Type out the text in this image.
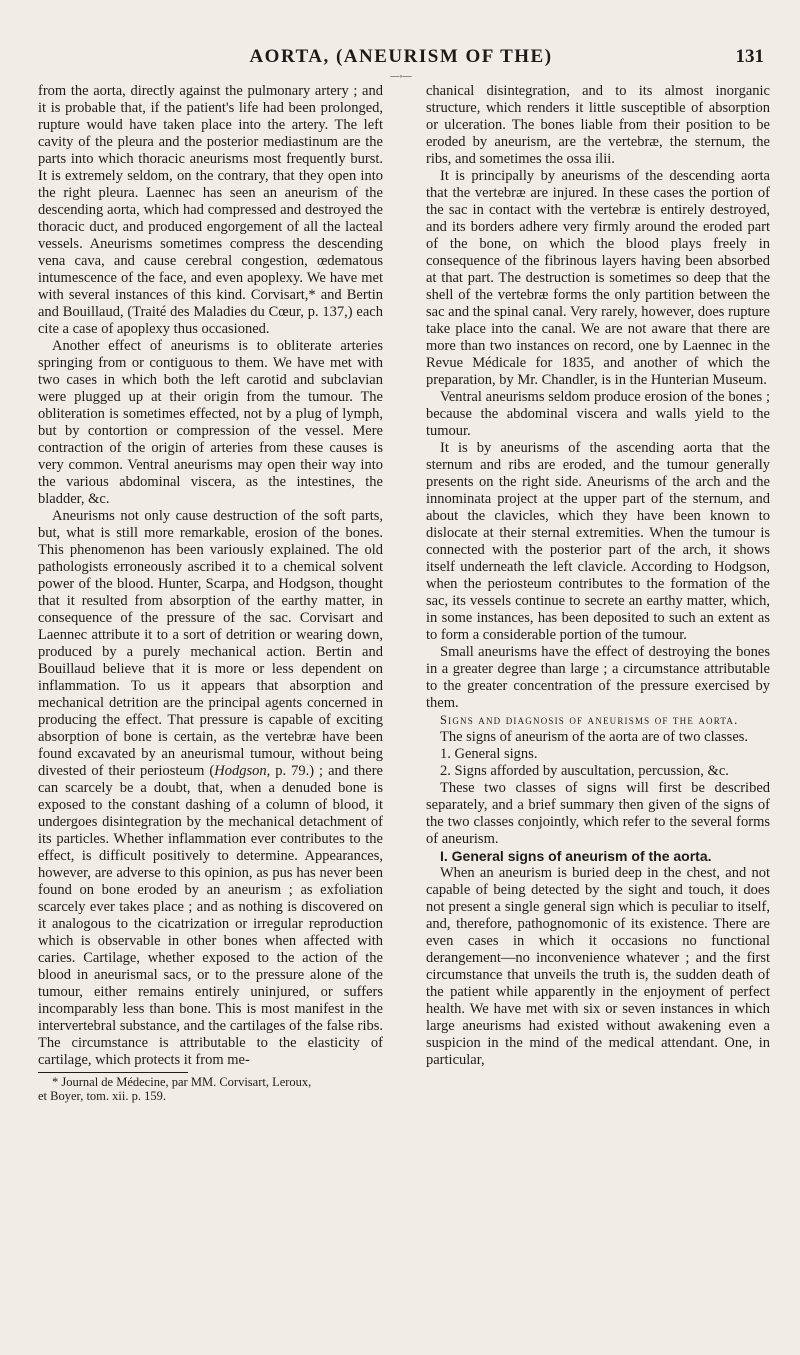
AORTA, (ANEURISM OF THE)	131
—◦—

from the aorta, directly against the pulmonary artery ; and it is probable that, if the patient's life had been prolonged, rupture would have taken place into the artery. The left cavity of the pleura and the posterior mediastinum are the parts into which thoracic aneurisms most frequently burst. It is extremely seldom, on the contrary, that they open into the right pleura. Laennec has seen an aneurism of the descending aorta, which had compressed and destroyed the thoracic duct, and produced engorgement of all the lacteal vessels. Aneurisms sometimes compress the descending vena cava, and cause cerebral congestion, œdematous intumescence of the face, and even apoplexy. We have met with several instances of this kind. Corvisart,* and Bertin and Bouillaud, (Traité des Maladies du Cœur, p. 137,) each cite a case of apoplexy thus occasioned.

Another effect of aneurisms is to obliterate arteries springing from or contiguous to them. We have met with two cases in which both the left carotid and subclavian were plugged up at their origin from the tumour. The obliteration is sometimes effected, not by a plug of lymph, but by contortion or compression of the vessel. Mere contraction of the origin of arteries from these causes is very common. Ventral aneurisms may open their way into the various abdominal viscera, as the intestines, the bladder, &c.

Aneurisms not only cause destruction of the soft parts, but, what is still more remarkable, erosion of the bones. This phenomenon has been variously explained. The old pathologists erroneously ascribed it to a chemical solvent power of the blood. Hunter, Scarpa, and Hodgson, thought that it resulted from absorption of the earthy matter, in consequence of the pressure of the sac. Corvisart and Laennec attribute it to a sort of detrition or wearing down, produced by a purely mechanical action. Bertin and Bouillaud believe that it is more or less dependent on inflammation. To us it appears that absorption and mechanical detrition are the principal agents concerned in producing the effect. That pressure is capable of exciting absorption of bone is certain, as the vertebræ have been found excavated by an aneurismal tumour, without being divested of their periosteum (Hodgson, p. 79.) ; and there can scarcely be a doubt, that, when a denuded bone is exposed to the constant dashing of a column of blood, it undergoes disintegration by the mechanical detachment of its particles. Whether inflammation ever contributes to the effect, is difficult positively to determine. Appearances, however, are adverse to this opinion, as pus has never been found on bone eroded by an aneurism ; as exfoliation scarcely ever takes place ; and as nothing is discovered on it analogous to the cicatrization or irregular reproduction which is observable in other bones when affected with caries. Cartilage, whether exposed to the action of the blood in aneurismal sacs, or to the pressure alone of the tumour, either remains entirely uninjured, or suffers incomparably less than bone. This is most manifest in the intervertebral substance, and the cartilages of the false ribs. The circumstance is attributable to the elasticity of cartilage, which protects it from me-

* Journal de Médecine, par MM. Corvisart, Leroux,
et Boyer, tom. xii. p. 159.

chanical disintegration, and to its almost inorganic structure, which renders it little susceptible of absorption or ulceration. The bones liable from their position to be eroded by aneurism, are the vertebræ, the sternum, the ribs, and sometimes the ossa ilii.

It is principally by aneurisms of the descending aorta that the vertebræ are injured. In these cases the portion of the sac in contact with the vertebræ is entirely destroyed, and its borders adhere very firmly around the eroded part of the bone, on which the blood plays freely in consequence of the fibrinous layers having been absorbed at that part. The destruction is sometimes so deep that the shell of the vertebræ forms the only partition between the sac and the spinal canal. Very rarely, however, does rupture take place into the canal. We are not aware that there are more than two instances on record, one by Laennec in the Revue Médicale for 1835, and another of which the preparation, by Mr. Chandler, is in the Hunterian Museum.

Ventral aneurisms seldom produce erosion of the bones ; because the abdominal viscera and walls yield to the tumour.

It is by aneurisms of the ascending aorta that the sternum and ribs are eroded, and the tumour generally presents on the right side. Aneurisms of the arch and the innominata project at the upper part of the sternum, and about the clavicles, which they have been known to dislocate at their sternal extremities. When the tumour is connected with the posterior part of the arch, it shows itself underneath the left clavicle. According to Hodgson, when the periosteum contributes to the formation of the sac, its vessels continue to secrete an earthy matter, which, in some instances, has been deposited to such an extent as to form a considerable portion of the tumour.

Small aneurisms have the effect of destroying the bones in a greater degree than large ; a circumstance attributable to the greater concentration of the pressure exercised by them.

Signs and diagnosis of aneurisms of the aorta.

The signs of aneurism of the aorta are of two classes.

1. General signs.

2. Signs afforded by auscultation, percussion, &c.

These two classes of signs will first be described separately, and a brief summary then given of the signs of the two classes conjointly, which refer to the several forms of aneurism.

I. General signs of aneurism of the aorta.

When an aneurism is buried deep in the chest, and not capable of being detected by the sight and touch, it does not present a single general sign which is peculiar to itself, and, therefore, pathognomonic of its existence. There are even cases in which it occasions no functional derangement—no inconvenience whatever ; and the first circumstance that unveils the truth is, the sudden death of the patient while apparently in the enjoyment of perfect health. We have met with six or seven instances in which large aneurisms had existed without awakening even a suspicion in the mind of the medical attendant. One, in particular,
